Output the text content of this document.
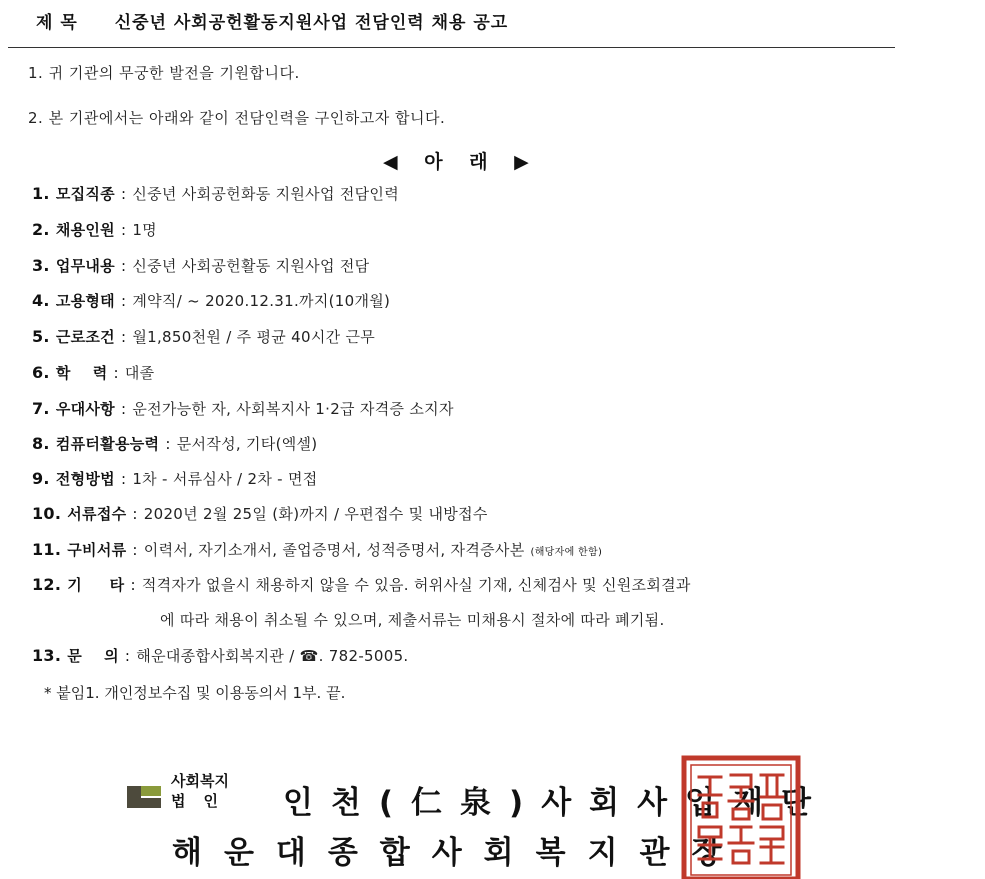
제 목 신중년 사회공헌활동지원사업 전담인력 채용 공고
1. 귀 기관의 무궁한 발전을 기원합니다.
2. 본 기관에서는 아래와 같이 전담인력을 구인하고자 합니다.
◀ 아 래 ▶
1. 모집직종 : 신중년 사회공헌화동 지원사업 전담인력
2. 채용인원 : 1명
3. 업무내용 : 신중년 사회공헌활동 지원사업 전담
4. 고용형태 : 계약직/ ~ 2020.12.31.까지(10개월)
5. 근로조건 : 월1,850천원 / 주 평균 40시간 근무
6. 학    력 : 대졸
7. 우대사항 : 운전가능한 자, 사회복지사 1·2급 자격증 소지자
8. 컴퓨터활용능력 : 문서작성, 기타(엑셀)
9. 전형방법 : 1차 - 서류심사 / 2차 - 면접
10. 서류접수 : 2020년 2월 25일 (화)까지 / 우편접수 및 내방접수
11. 구비서류 : 이력서, 자기소개서, 졸업증명서, 성적증명서, 자격증사본 (해당자에 한함)
12. 기     타 : 적격자가 없을시 채용하지 않을 수 있음. 허위사실 기재, 신체검사 및 신원조회결과
13. 문    의 : 해운대종합사회복지관 / ☎. 782-5005.
에 따라 채용이 취소될 수 있으며, 제출서류는 미채용시 절차에 따라 폐기됨.
* 붙임1. 개인정보수집 및 이용동의서 1부. 끝.
사회복지
법인	인천(仁泉)사회사업재단
해운대종합사회복지관장
